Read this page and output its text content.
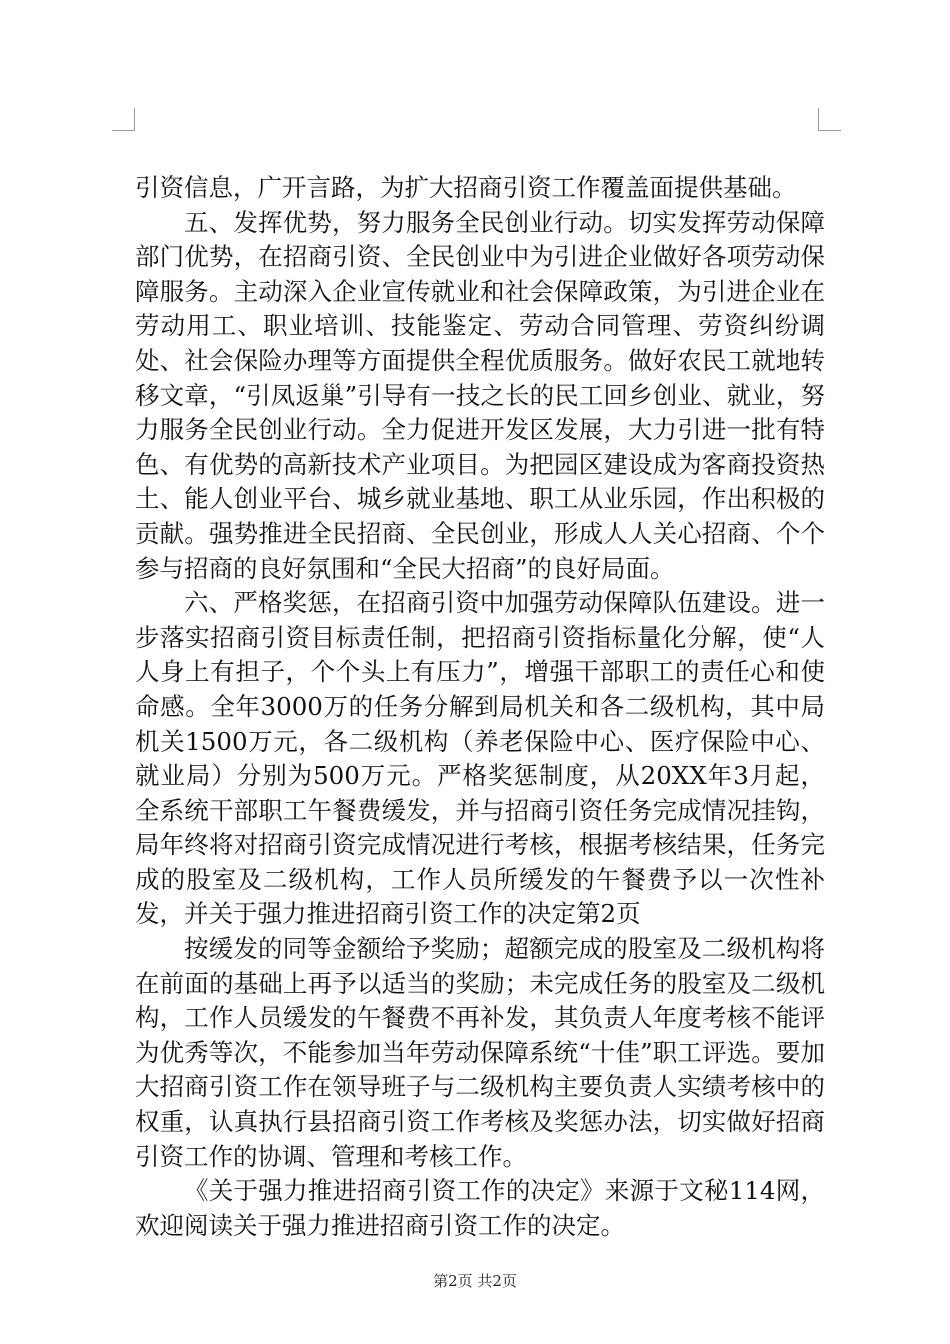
引资信息，广开言路，为扩大招商引资工作覆盖面提供基础。

五、发挥优势，努力服务全民创业行动。切实发挥劳动保障部门优势，在招商引资、全民创业中为引进企业做好各项劳动保障服务。主动深入企业宣传就业和社会保障政策，为引进企业在劳动用工、职业培训、技能鉴定、劳动合同管理、劳资纠纷调处、社会保险办理等方面提供全程优质服务。做好农民工就地转移文章，“引凤返巢”引导有一技之长的民工回乡创业、就业，努力服务全民创业行动。全力促进开发区发展，大力引进一批有特色、有优势的高新技术产业项目。为把园区建设成为客商投资热土、能人创业平台、城乡就业基地、职工从业乐园，作出积极的贡献。强势推进全民招商、全民创业，形成人人关心招商、个个参与招商的良好氛围和“全民大招商”的良好局面。

六、严格奖惩，在招商引资中加强劳动保障队伍建设。进一步落实招商引资目标责任制，把招商引资指标量化分解，使“人人身上有担子，个个头上有压力”，增强干部职工的责任心和使命感。全年3000万的任务分解到局机关和各二级机构，其中局机关1500万元，各二级机构（养老保险中心、医疗保险中心、就业局）分别为500万元。严格奖惩制度，从20XX年3月起，全系统干部职工午餐费缓发，并与招商引资任务完成情况挂钩，局年终将对招商引资完成情况进行考核，根据考核结果，任务完成的股室及二级机构，工作人员所缓发的午餐费予以一次性补发，并关于强力推进招商引资工作的决定第2页

按缓发的同等金额给予奖励；超额完成的股室及二级机构将在前面的基础上再予以适当的奖励；未完成任务的股室及二级机构，工作人员缓发的午餐费不再补发，其负责人年度考核不能评为优秀等次，不能参加当年劳动保障系统“十佳”职工评选。要加大招商引资工作在领导班子与二级机构主要负责人实绩考核中的权重，认真执行县招商引资工作考核及奖惩办法，切实做好招商引资工作的协调、管理和考核工作。

《关于强力推进招商引资工作的决定》来源于文秘114网，欢迎阅读关于强力推进招商引资工作的决定。

第2页 共2页
